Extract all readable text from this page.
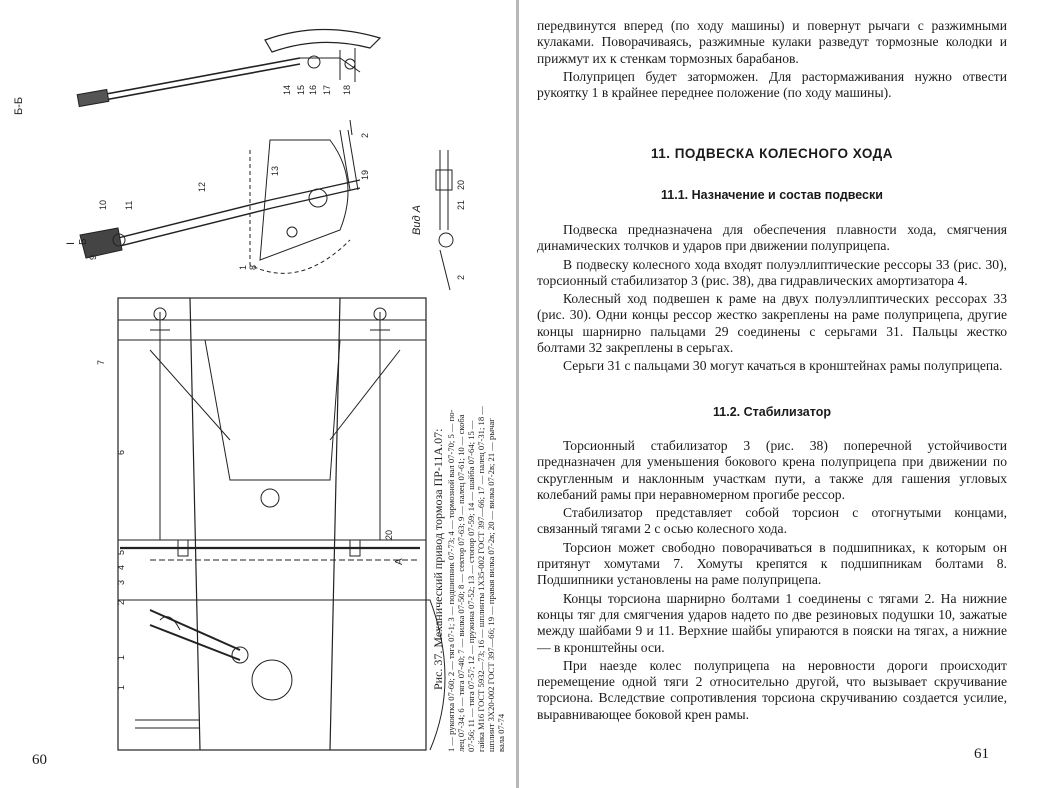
14 15 16 17 18
2
19
20
21
2
10 11
12
13
9
1 8
7
6
5
4
3
2
1
1
20
Б-Б
I Б
Вид А
А Рис. 37. Механический привод тормоза ПР-11А.07: 1 — рукоятка 07-60; 2 — тяга 07-1; 3 — подшипник 07-73; 4 — тормозной вал 07-70; 5 — по- лец 07-34; 6 — тяга 07-40; 7 — вилка 07-50; 8 — сектор 07-63; 9 — палец 07-61; 10 — скоба 07-56; 11 — тяга 07-57; 12 — пружина 07-52; 13 — стопор 07-59; 14 — шайба 07-64; 15 — гайка М16 ГОСТ 5932—73; 16 — шплинты 1Х35-002 ГОСТ 397—66; 17 — палец 07-31; 18 — шплинт 3Х20-002 ГОСТ 397—66; 19 — правая вилка 07-2в; 20 — вилка 07-2в; 21 — рычаг вала 07-74
60

передвинутся вперед (по ходу машины) и повернут рычаги с разжимными кулаками. Поворачиваясь, разжимные кулаки разведут тормозные колодки и прижмут их к стенкам тормозных барабанов.

Полуприцеп будет заторможен. Для растормаживания нужно отвести рукоятку 1 в крайнее переднее положение (по ходу машины).

11. ПОДВЕСКА КОЛЕСНОГО ХОДА
11.1. Назначение и состав подвески

Подвеска предназначена для обеспечения плавности хода, смягчения динамических толчков и ударов при движении полуприцепа.

В подвеску колесного хода входят полуэллиптические рессоры 33 (рис. 30), торсионный стабилизатор 3 (рис. 38), два гидравлических амортизатора 4.

Колесный ход подвешен к раме на двух полуэллиптических рессорах 33 (рис. 30). Одни концы рессор жестко закреплены на раме полуприцепа, другие концы шарнирно пальцами 29 соединены с серьгами 31. Пальцы жестко болтами 32 закреплены в серьгах.

Серьги 31 с пальцами 30 могут качаться в кронштейнах рамы полуприцепа.

11.2. Стабилизатор

Торсионный стабилизатор 3 (рис. 38) поперечной устойчивости предназначен для уменьшения бокового крена полуприцепа при движении по скругленным и наклонным участкам пути, а также для гашения угловых колебаний рамы при неравномерном прогибе рессор.

Стабилизатор представляет собой торсион с отогнутыми концами, связанный тягами 2 с осью колесного хода.

Торсион может свободно поворачиваться в подшипниках, к которым он притянут хомутами 7. Хомуты крепятся к подшипникам болтами 8. Подшипники установлены на раме полуприцепа.

Концы торсиона шарнирно болтами 1 соединены с тягами 2. На нижние концы тяг для смягчения ударов надето по две резиновых подушки 10, зажатые между шайбами 9 и 11. Верхние шайбы упираются в пояски на тягах, а нижние — в кронштейны оси.

При наезде колес полуприцепа на неровности дороги происходит перемещение одной тяги 2 относительно другой, что вызывает скручивание торсиона. Вследствие сопротивления торсиона скручиванию создается усилие, выравнивающее боковой крен рамы.

61
